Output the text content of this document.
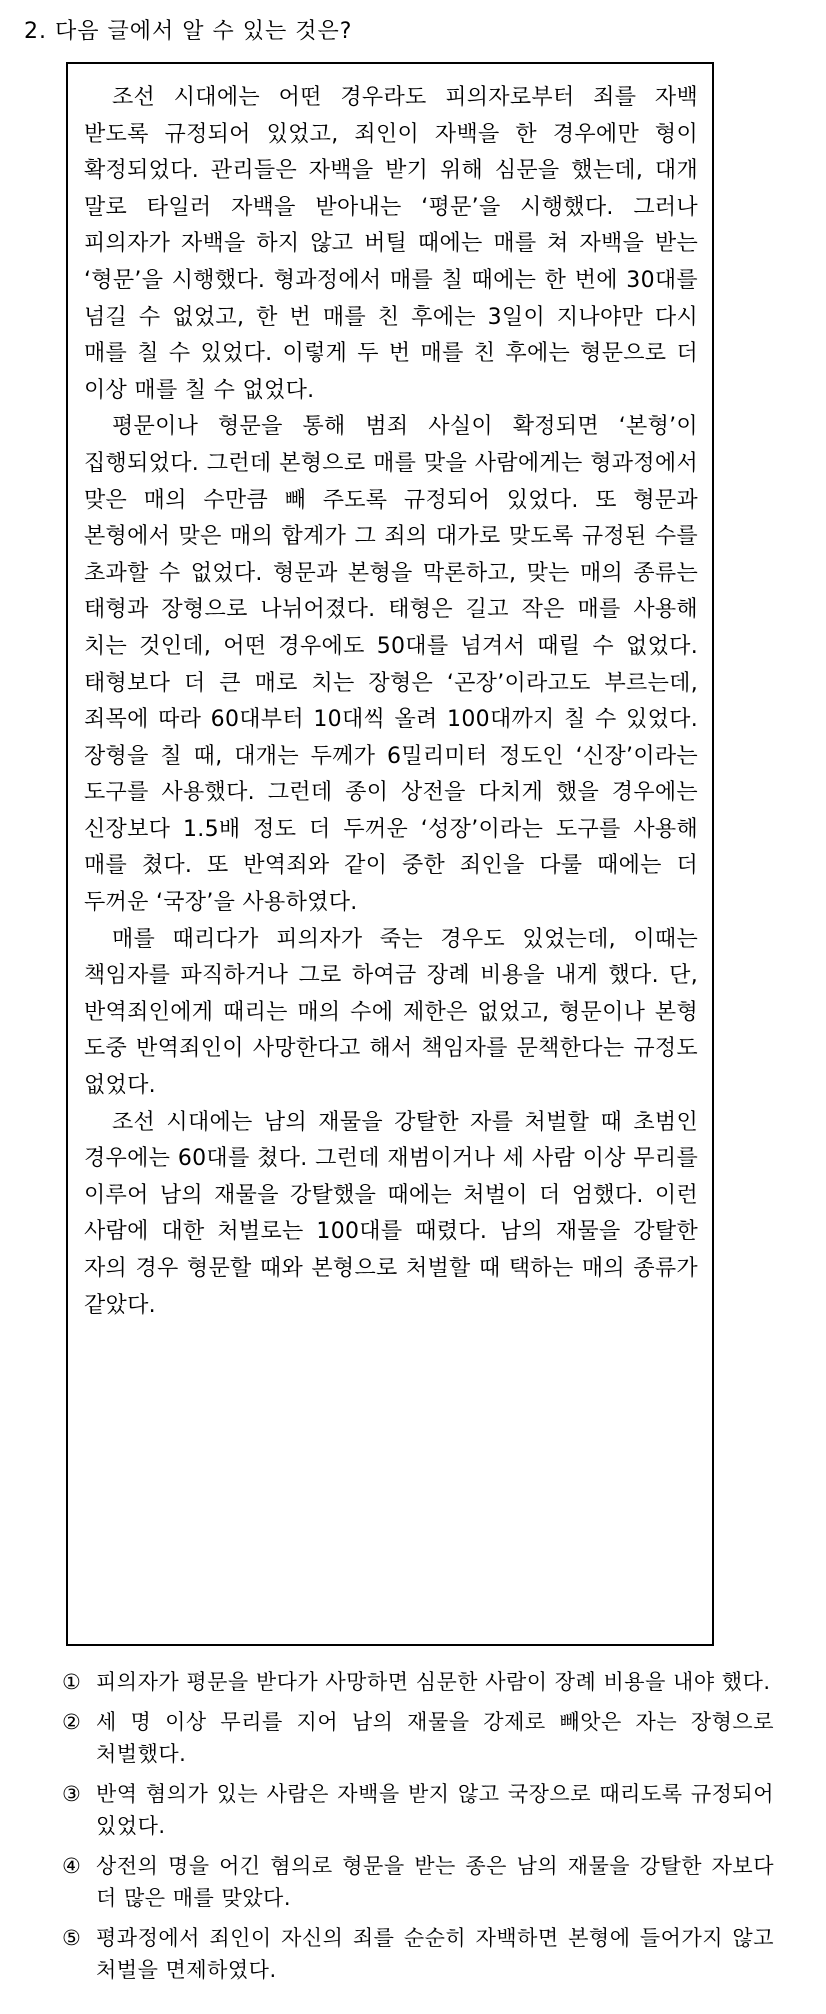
2. 다음 글에서 알 수 있는 것은?

조선 시대에는 어떤 경우라도 피의자로부터 죄를 자백 받도록 규정되어 있었고, 죄인이 자백을 한 경우에만 형이 확정되었다. 관리들은 자백을 받기 위해 심문을 했는데, 대개 말로 타일러 자백을 받아내는 ‘평문’을 시행했다. 그러나 피의자가 자백을 하지 않고 버틸 때에는 매를 쳐 자백을 받는 ‘형문’을 시행했다. 형과정에서 매를 칠 때에는 한 번에 30대를 넘길 수 없었고, 한 번 매를 친 후에는 3일이 지나야만 다시 매를 칠 수 있었다. 이렇게 두 번 매를 친 후에는 형문으로 더 이상 매를 칠 수 없었다.

평문이나 형문을 통해 범죄 사실이 확정되면 ‘본형’이 집행되었다. 그런데 본형으로 매를 맞을 사람에게는 형과정에서 맞은 매의 수만큼 빼 주도록 규정되어 있었다. 또 형문과 본형에서 맞은 매의 합계가 그 죄의 대가로 맞도록 규정된 수를 초과할 수 없었다. 형문과 본형을 막론하고, 맞는 매의 종류는 태형과 장형으로 나뉘어졌다. 태형은 길고 작은 매를 사용해 치는 것인데, 어떤 경우에도 50대를 넘겨서 때릴 수 없었다. 태형보다 더 큰 매로 치는 장형은 ‘곤장’이라고도 부르는데, 죄목에 따라 60대부터 10대씩 올려 100대까지 칠 수 있었다. 장형을 칠 때, 대개는 두께가 6밀리미터 정도인 ‘신장’이라는 도구를 사용했다. 그런데 종이 상전을 다치게 했을 경우에는 신장보다 1.5배 정도 더 두꺼운 ‘성장’이라는 도구를 사용해 매를 쳤다. 또 반역죄와 같이 중한 죄인을 다룰 때에는 더 두꺼운 ‘국장’을 사용하였다.

매를 때리다가 피의자가 죽는 경우도 있었는데, 이때는 책임자를 파직하거나 그로 하여금 장례 비용을 내게 했다. 단, 반역죄인에게 때리는 매의 수에 제한은 없었고, 형문이나 본형 도중 반역죄인이 사망한다고 해서 책임자를 문책한다는 규정도 없었다.

조선 시대에는 남의 재물을 강탈한 자를 처벌할 때 초범인 경우에는 60대를 쳤다. 그런데 재범이거나 세 사람 이상 무리를 이루어 남의 재물을 강탈했을 때에는 처벌이 더 엄했다. 이런 사람에 대한 처벌로는 100대를 때렸다. 남의 재물을 강탈한 자의 경우 형문할 때와 본형으로 처벌할 때 택하는 매의 종류가 같았다.

① 피의자가 평문을 받다가 사망하면 심문한 사람이 장례 비용을 내야 했다.
② 세 명 이상 무리를 지어 남의 재물을 강제로 빼앗은 자는 장형으로 처벌했다.
③ 반역 혐의가 있는 사람은 자백을 받지 않고 국장으로 때리도록 규정되어 있었다.
④ 상전의 명을 어긴 혐의로 형문을 받는 종은 남의 재물을 강탈한 자보다 더 많은 매를 맞았다.
⑤ 평과정에서 죄인이 자신의 죄를 순순히 자백하면 본형에 들어가지 않고 처벌을 면제하였다.
